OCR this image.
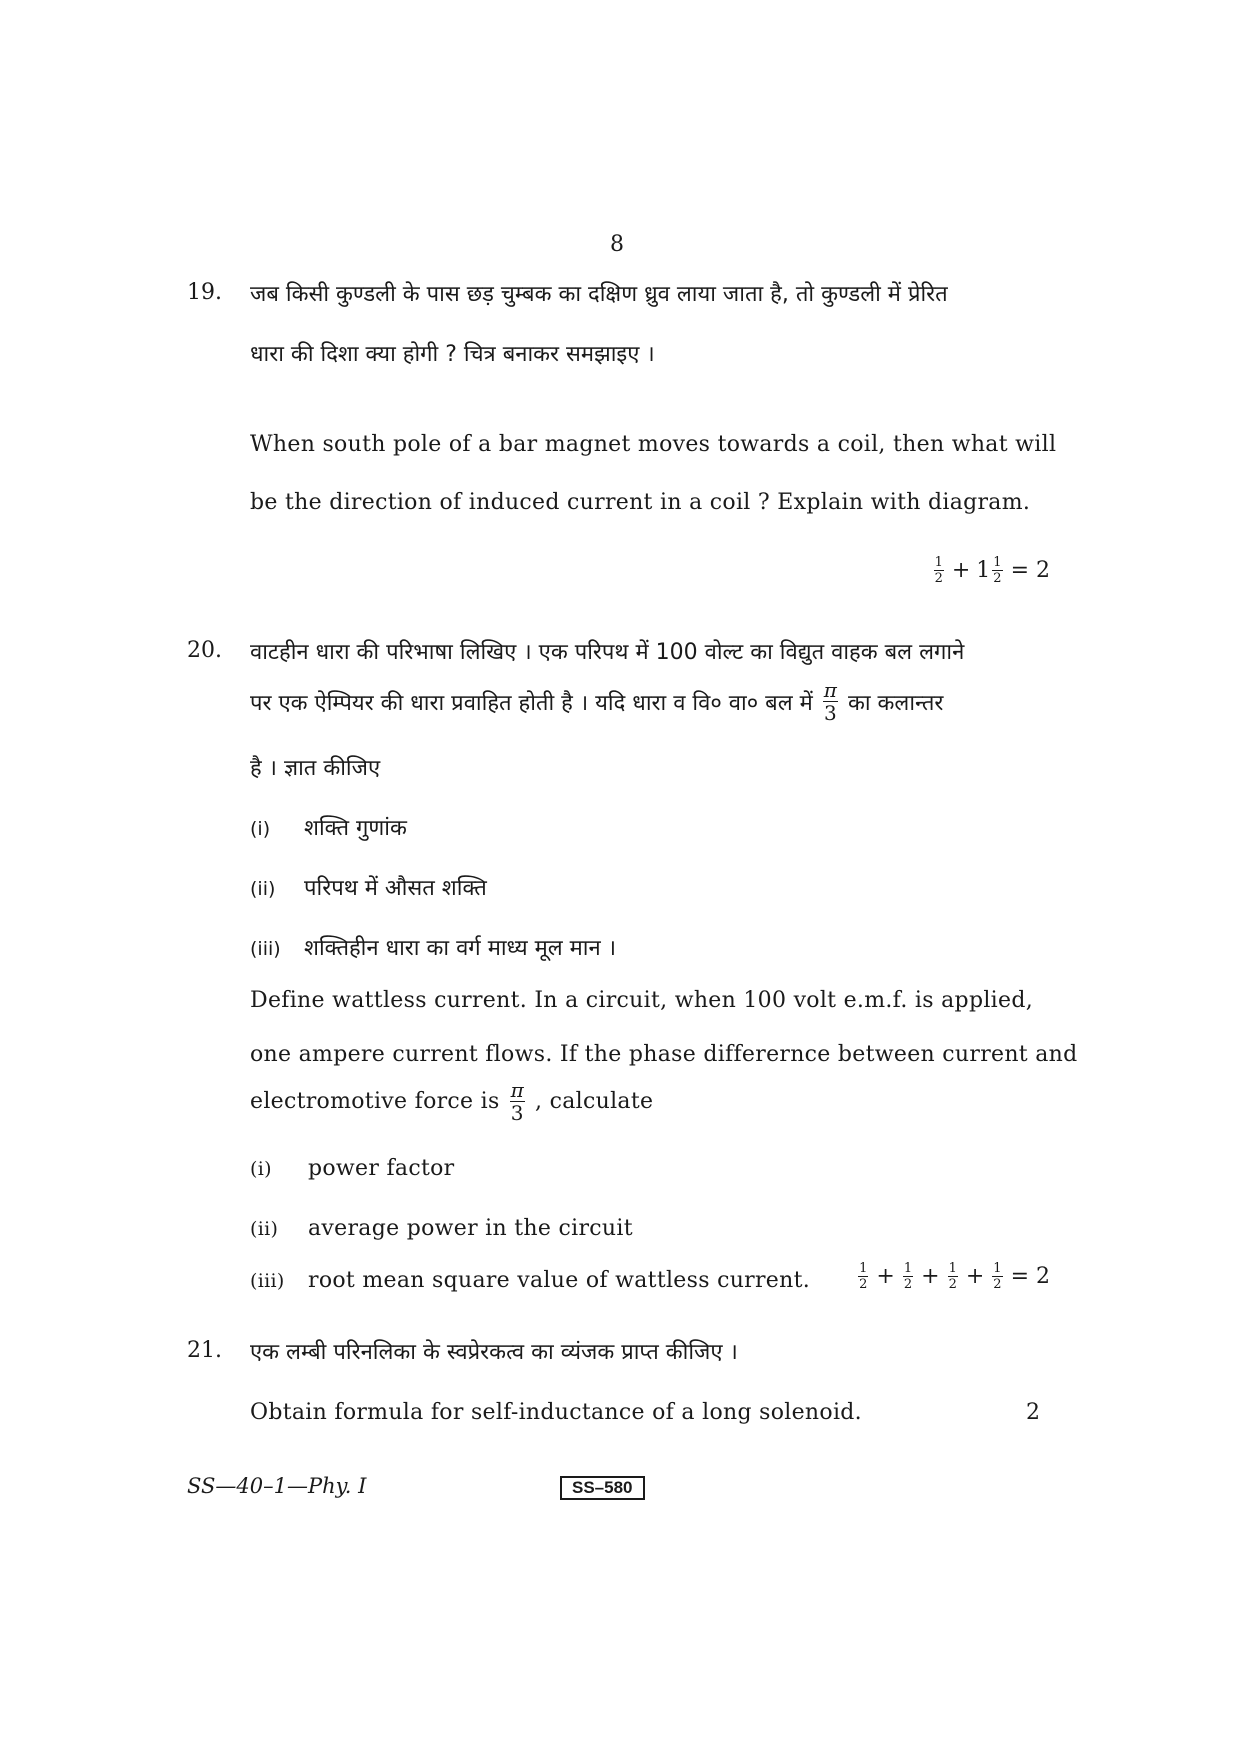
8
19. जब किसी कुण्डली के पास छड़ चुम्बक का दक्षिण ध्रुव लाया जाता है, तो कुण्डली में प्रेरित
धारा की दिशा क्या होगी ? चित्र बनाकर समझाइए ।
When south pole of a bar magnet moves towards a coil, then what will
be the direction of induced current in a coil ? Explain with diagram.
$\frac{1}{2} + 1 \frac{1}{2} = 2$
20. वाटहीन धारा की परिभाषा लिखिए । एक परिपथ में 100 वोल्ट का विद्युत वाहक बल लगाने
पर एक ऐम्पियर की धारा प्रवाहित होती है । यदि धारा व वि० वा० बल में $\frac{\pi}{3}$ का कलान्तर
है । ज्ञात कीजिए
(i) शक्ति गुणांक
(ii) परिपथ में औसत शक्ति
(iii) शक्तिहीन धारा का वर्ग माध्य मूल मान ।
Define wattless current. In a circuit, when 100 volt e.m.f. is applied,
one ampere current flows. If the phase differernce between current and
electromotive force is $\frac{\pi}{3}$ , calculate
(i) power factor
(ii) average power in the circuit
(iii) root mean square value of wattless current.	$\frac{1}{2} + \frac{1}{2} + \frac{1}{2} + \frac{1}{2} = 2$
21. एक लम्बी परिनलिका के स्वप्रेरकत्व का व्यंजक प्राप्त कीजिए ।
Obtain formula for self-inductance of a long solenoid.	2
SS—40–1—Phy. I	SS–580
